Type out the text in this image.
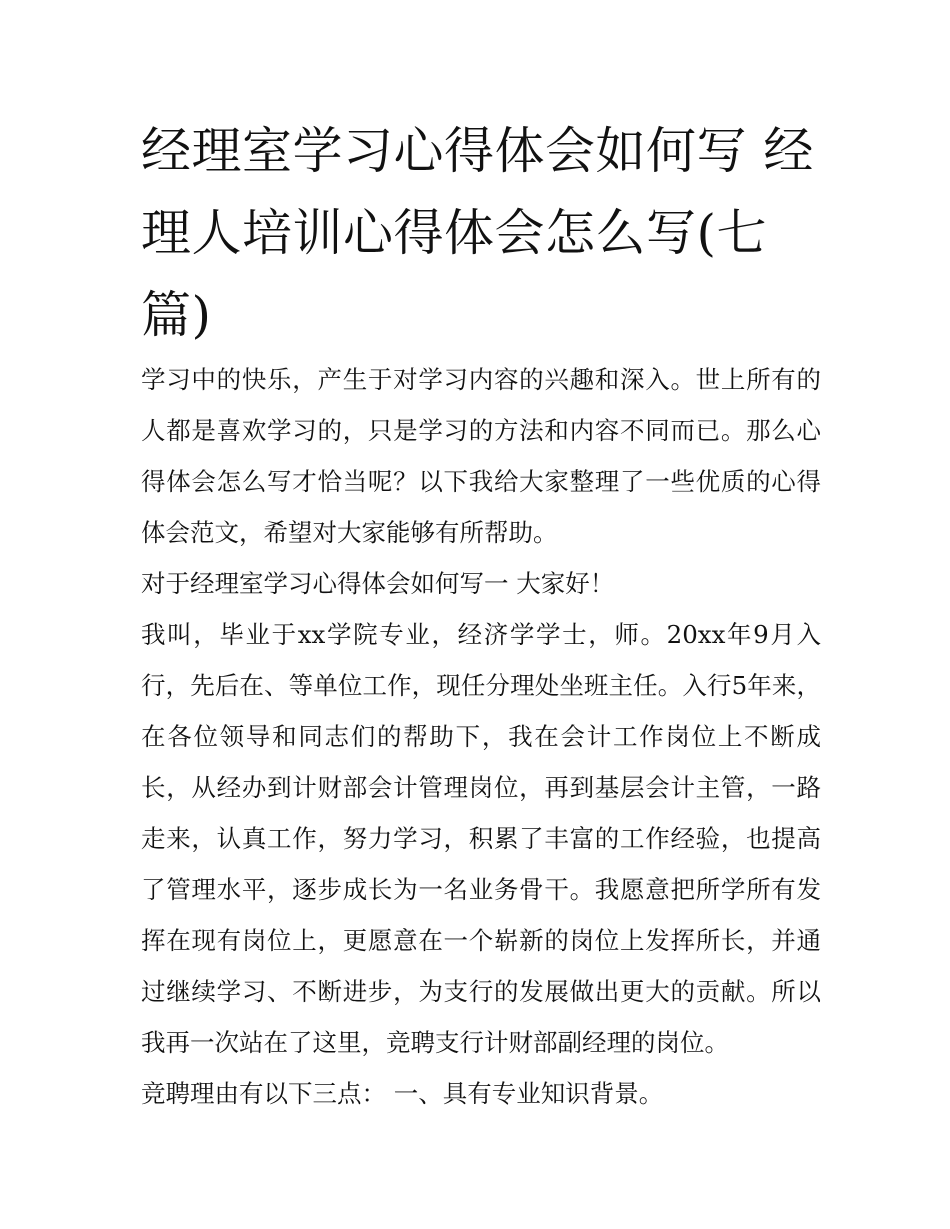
经理室学习心得体会如何写 经理人培训心得体会怎么写(七篇)

学习中的快乐，产生于对学习内容的兴趣和深入。世上所有的人都是喜欢学习的，只是学习的方法和内容不同而已。那么心得体会怎么写才恰当呢？以下我给大家整理了一些优质的心得体会范文，希望对大家能够有所帮助。

对于经理室学习心得体会如何写一 大家好！

我叫，毕业于xx学院专业，经济学学士，师。20xx年9月入行，先后在、等单位工作，现任分理处坐班主任。入行5年来，在各位领导和同志们的帮助下，我在会计工作岗位上不断成长，从经办到计财部会计管理岗位，再到基层会计主管，一路走来，认真工作，努力学习，积累了丰富的工作经验，也提高了管理水平，逐步成长为一名业务骨干。我愿意把所学所有发挥在现有岗位上，更愿意在一个崭新的岗位上发挥所长，并通过继续学习、不断进步，为支行的发展做出更大的贡献。所以我再一次站在了这里，竞聘支行计财部副经理的岗位。

竞聘理由有以下三点： 一、具有专业知识背景。
